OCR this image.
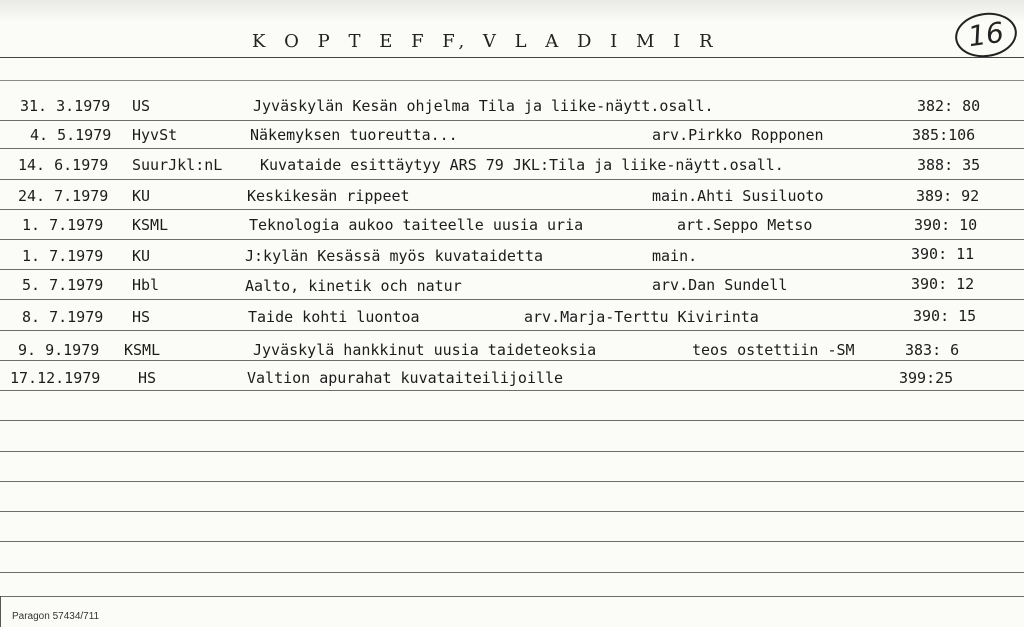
K O P T E F F, V L A D I M I R	16
31. 3.1979 US	Jyväskylän Kesän ohjelma Tila ja liike-näytt.osall.	382: 80
4. 5.1979 HyvSt	Näkemyksen tuoreutta...	arv.Pirkko Ropponen	385:106
14. 6.1979 SuurJkl:nL	Kuvataide esittäytyy ARS 79 JKL:Tila ja liike-näytt.osall.	388: 35
24. 7.1979 KU	Keskikesän rippeet	main.Ahti Susiluoto	389: 92
1. 7.1979 KSML	Teknologia aukoo taiteelle uusia uria	art.Seppo Metso	390: 10
1. 7.1979 KU	J:kylän Kesässä myös kuvataidetta	main.	390: 11
5. 7.1979 Hbl	Aalto, kinetik och natur	arv.Dan Sundell	390: 12
8. 7.1979 HS	Taide kohti luontoa	arv.Marja-Terttu Kivirinta	390: 15
9. 9.1979 KSML	Jyväskylä hankkinut uusia taideteoksia	teos ostettiin -SM	383: 6
17.12.1979	HS	Valtion apurahat kuvataiteilijoille	399:25
Paragon 57434/711
